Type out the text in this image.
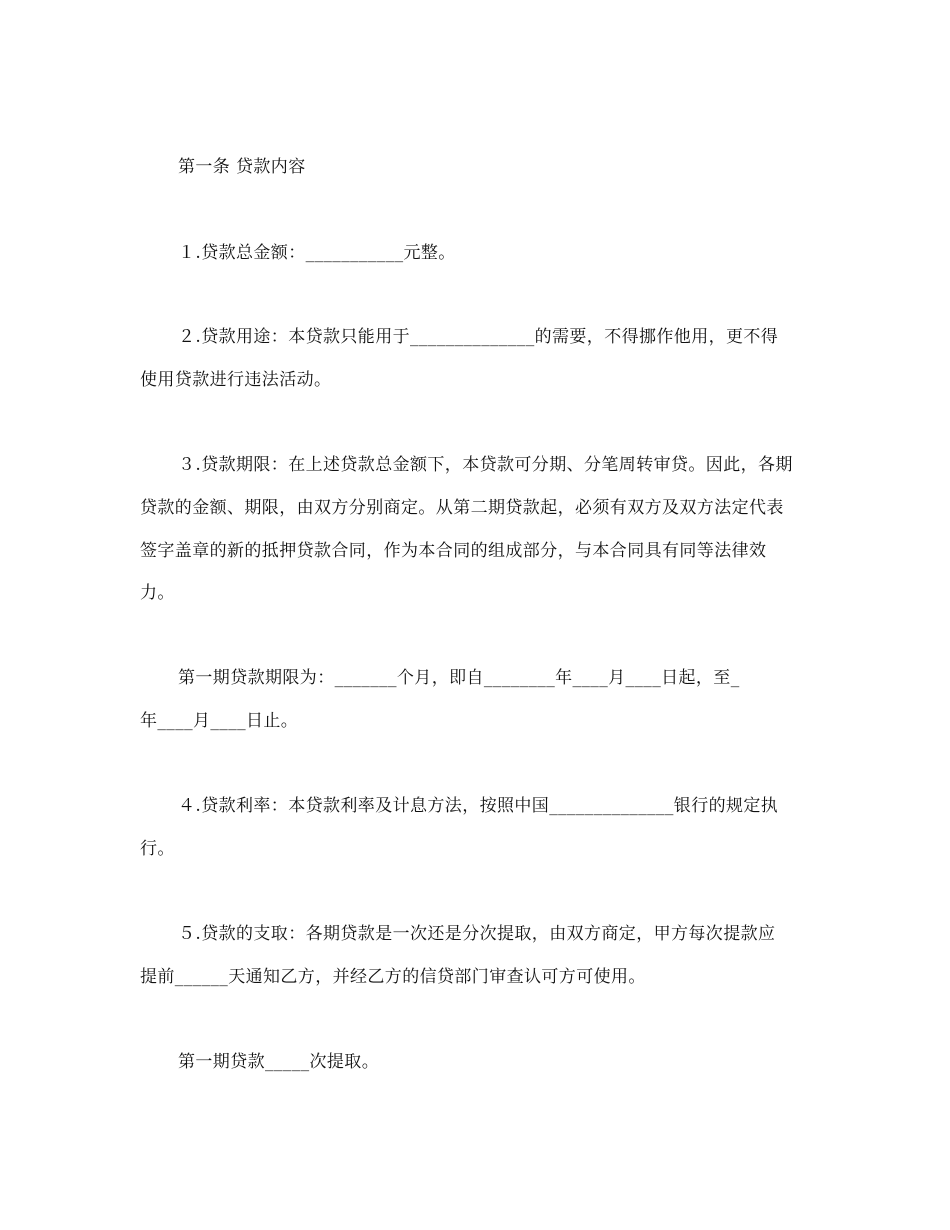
第一条 贷款内容
１.贷款总金额：___________元整。
２.贷款用途：本贷款只能用于______________的需要，不得挪作他用，更不得
使用贷款进行违法活动。
３.贷款期限：在上述贷款总金额下，本贷款可分期、分笔周转审贷。因此，各期
贷款的金额、期限，由双方分别商定。从第二期贷款起，必须有双方及双方法定代表
签字盖章的新的抵押贷款合同，作为本合同的组成部分，与本合同具有同等法律效
力。
第一期贷款期限为：_______个月，即自________年____月____日起，至_
年____月____日止。
４.贷款利率：本贷款利率及计息方法，按照中国______________银行的规定执
行。
５.贷款的支取：各期贷款是一次还是分次提取，由双方商定，甲方每次提款应
提前______天通知乙方，并经乙方的信贷部门审查认可方可使用。
第一期贷款_____次提取。
